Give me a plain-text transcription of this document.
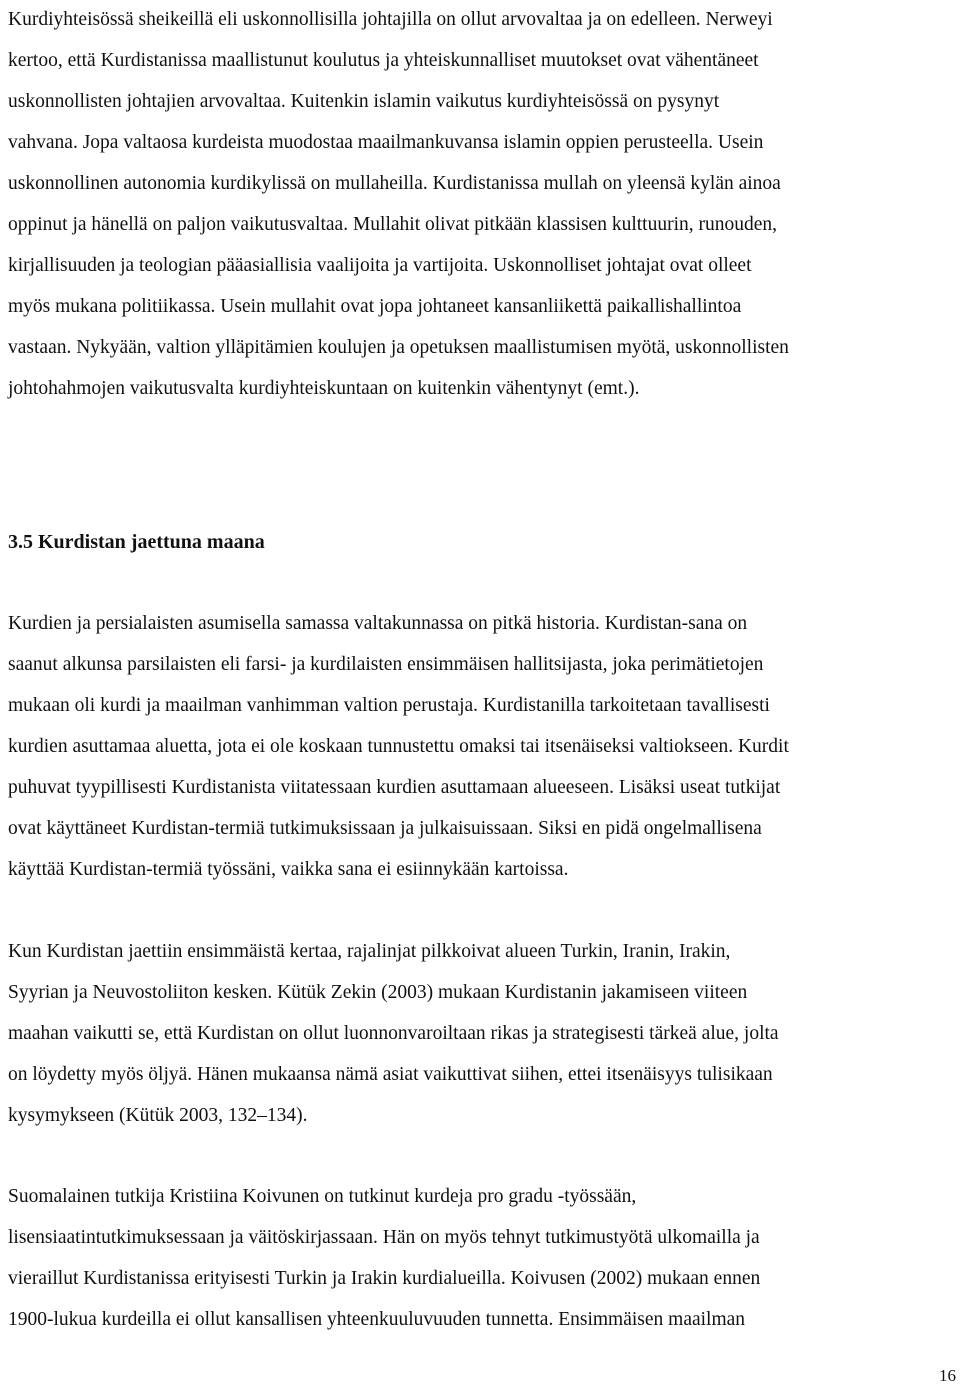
Kurdiyhteisössä sheikeillä eli uskonnollisilla johtajilla on ollut arvovaltaa ja on edelleen. Nerweyi
kertoo, että Kurdistanissa maallistunut koulutus ja yhteiskunnalliset muutokset ovat vähentäneet
uskonnollisten johtajien arvovaltaa. Kuitenkin islamin vaikutus kurdiyhteisössä on pysynyt
vahvana. Jopa valtaosa kurdeista muodostaa maailmankuvansa islamin oppien perusteella. Usein
uskonnollinen autonomia kurdikylissä on mullaheilla. Kurdistanissa mullah on yleensä kylän ainoa
oppinut ja hänellä on paljon vaikutusvaltaa. Mullahit olivat pitkään klassisen kulttuurin, runouden,
kirjallisuuden ja teologian pääasiallisia vaalijoita ja vartijoita. Uskonnolliset johtajat ovat olleet
myös mukana politiikassa. Usein mullahit ovat jopa johtaneet kansanliikettä paikallishallintoa
vastaan. Nykyään, valtion ylläpitämien koulujen ja opetuksen maallistumisen myötä, uskonnollisten
johtohahmojen vaikutusvalta kurdiyhteiskuntaan on kuitenkin vähentynyt (emt.).
3.5 Kurdistan jaettuna maana
Kurdien ja persialaisten asumisella samassa valtakunnassa on pitkä historia. Kurdistan-sana on
saanut alkunsa parsilaisten eli farsi- ja kurdilaisten ensimmäisen hallitsijasta, joka perimätietojen
mukaan oli kurdi ja maailman vanhimman valtion perustaja. Kurdistanilla tarkoitetaan tavallisesti
kurdien asuttamaa aluetta, jota ei ole koskaan tunnustettu omaksi tai itsenäiseksi valtiokseen. Kurdit
puhuvat tyypillisesti Kurdistanista viitatessaan kurdien asuttamaan alueeseen. Lisäksi useat tutkijat
ovat käyttäneet Kurdistan-termiä tutkimuksissaan ja julkaisuissaan. Siksi en pidä ongelmallisena
käyttää Kurdistan-termiä työssäni, vaikka sana ei esiinnykään kartoissa.
Kun Kurdistan jaettiin ensimmäistä kertaa, rajalinjat pilkkoivat alueen Turkin, Iranin, Irakin,
Syyrian ja Neuvostoliiton kesken. Kütük Zekin (2003) mukaan Kurdistanin jakamiseen viiteen
maahan vaikutti se, että Kurdistan on ollut luonnonvaroiltaan rikas ja strategisesti tärkeä alue, jolta
on löydetty myös öljyä. Hänen mukaansa nämä asiat vaikuttivat siihen, ettei itsenäisyys tulisikaan
kysymykseen (Kütük 2003, 132–134).
Suomalainen tutkija Kristiina Koivunen on tutkinut kurdeja pro gradu -työssään,
lisensiaatintutkimuksessaan ja väitöskirjassaan. Hän on myös tehnyt tutkimustyötä ulkomailla ja
vieraillut Kurdistanissa erityisesti Turkin ja Irakin kurdialueilla. Koivusen (2002) mukaan ennen
1900-lukua kurdeilla ei ollut kansallisen yhteenkuuluvuuden tunnetta. Ensimmäisen maailman
16
